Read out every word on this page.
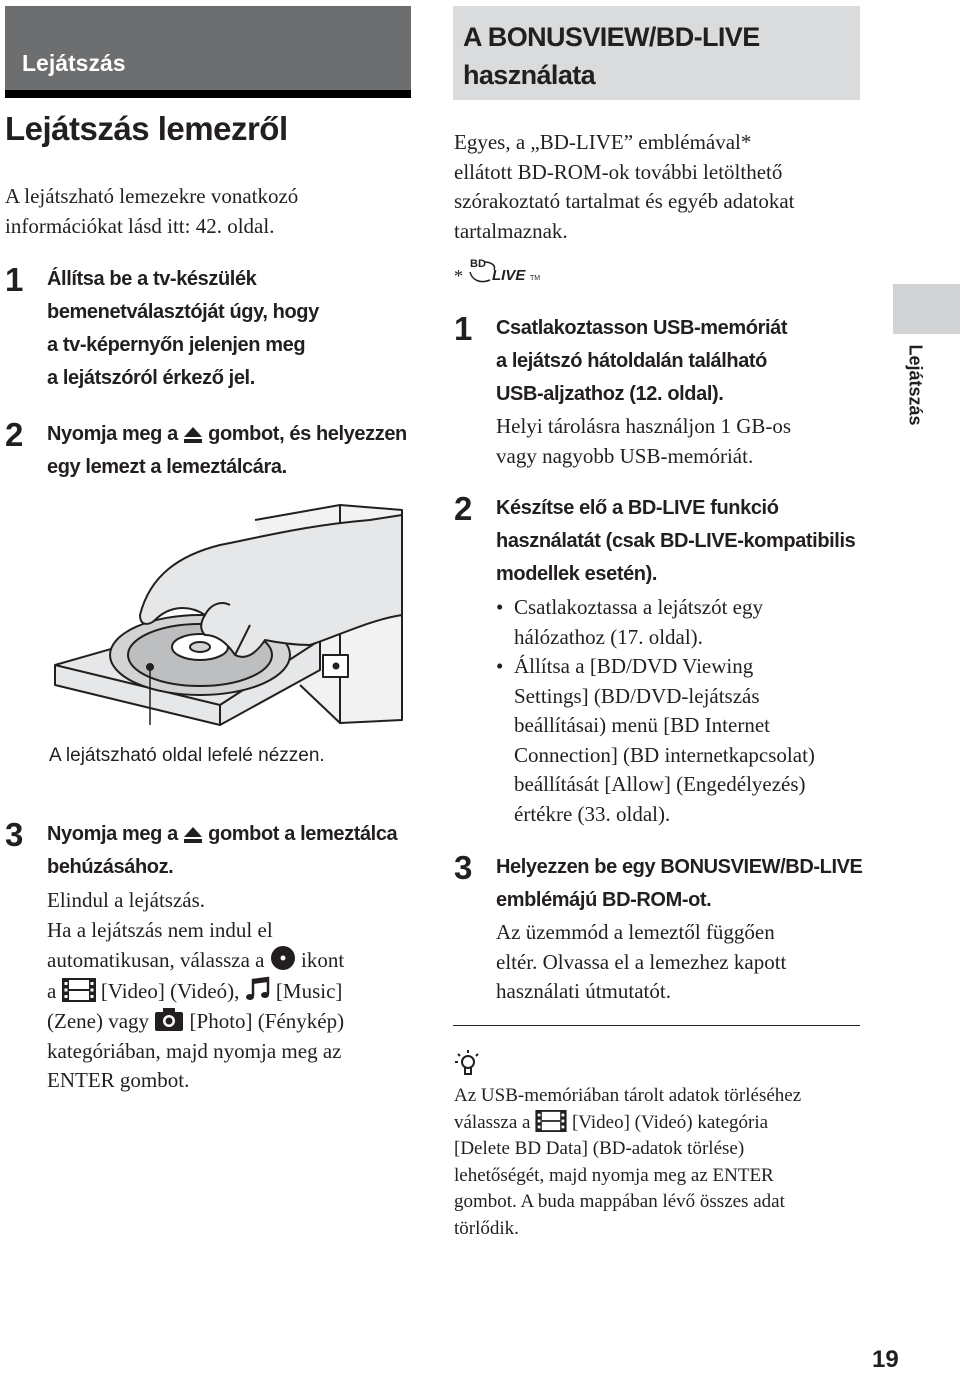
Lejátszás
Lejátszás lemezről
A lejátszható lemezekre vonatkozó
információkat lásd itt: 42. oldal.
1 Állítsa be a tv-készülék
bemenetválasztóját úgy, hogy
a tv-képernyőn jelenjen meg
a lejátszóról érkező jel.
2 Nyomja meg a gombot, és helyezzen
egy lemezt a lemeztálcára.
A lejátszható oldal lefelé nézzen.
3 Nyomja meg a gombot a lemeztálca
behúzásához.
Elindul a lejátszás.
Ha a lejátszás nem indul el
automatikusan, válassza a ikont
a [Video] (Videó), [Music]
(Zene) vagy [Photo] (Fénykép)
kategóriában, majd nyomja meg az
ENTER gombot.
A BONUSVIEW/BD-LIVE
használata
Egyes, a „BD-LIVE” emblémával*
ellátott BD-ROM-ok további letölthető
szórakoztató tartalmat és egyéb adatokat
tartalmaznak.
*
BD
LIVE TM
1 Csatlakoztasson USB-memóriát
a lejátszó hátoldalán található
USB-aljzathoz (12. oldal).
Helyi tárolásra használjon 1 GB-os
vagy nagyobb USB-memóriát.
2 Készítse elő a BD-LIVE funkció
használatát (csak BD-LIVE-kompatibilis
modellek esetén).
• Csatlakoztassa a lejátszót egy
hálózathoz (17. oldal).
• Állítsa a [BD/DVD Viewing
Settings] (BD/DVD-lejátszás
beállításai) menü [BD Internet
Connection] (BD internetkapcsolat)
beállítását [Allow] (Engedélyezés)
értékre (33. oldal).
3 Helyezzen be egy BONUSVIEW/BD-LIVE
emblémájú BD-ROM-ot.
Az üzemmód a lemeztől függően
eltér. Olvassa el a lemezhez kapott
használati útmutatót.
Az USB-memóriában tárolt adatok törléséhez
válassza a [Video] (Videó) kategória
[Delete BD Data] (BD-adatok törlése)
lehetőségét, majd nyomja meg az ENTER
gombot. A buda mappában lévő összes adat
törlődik.
Lejátszás
19
